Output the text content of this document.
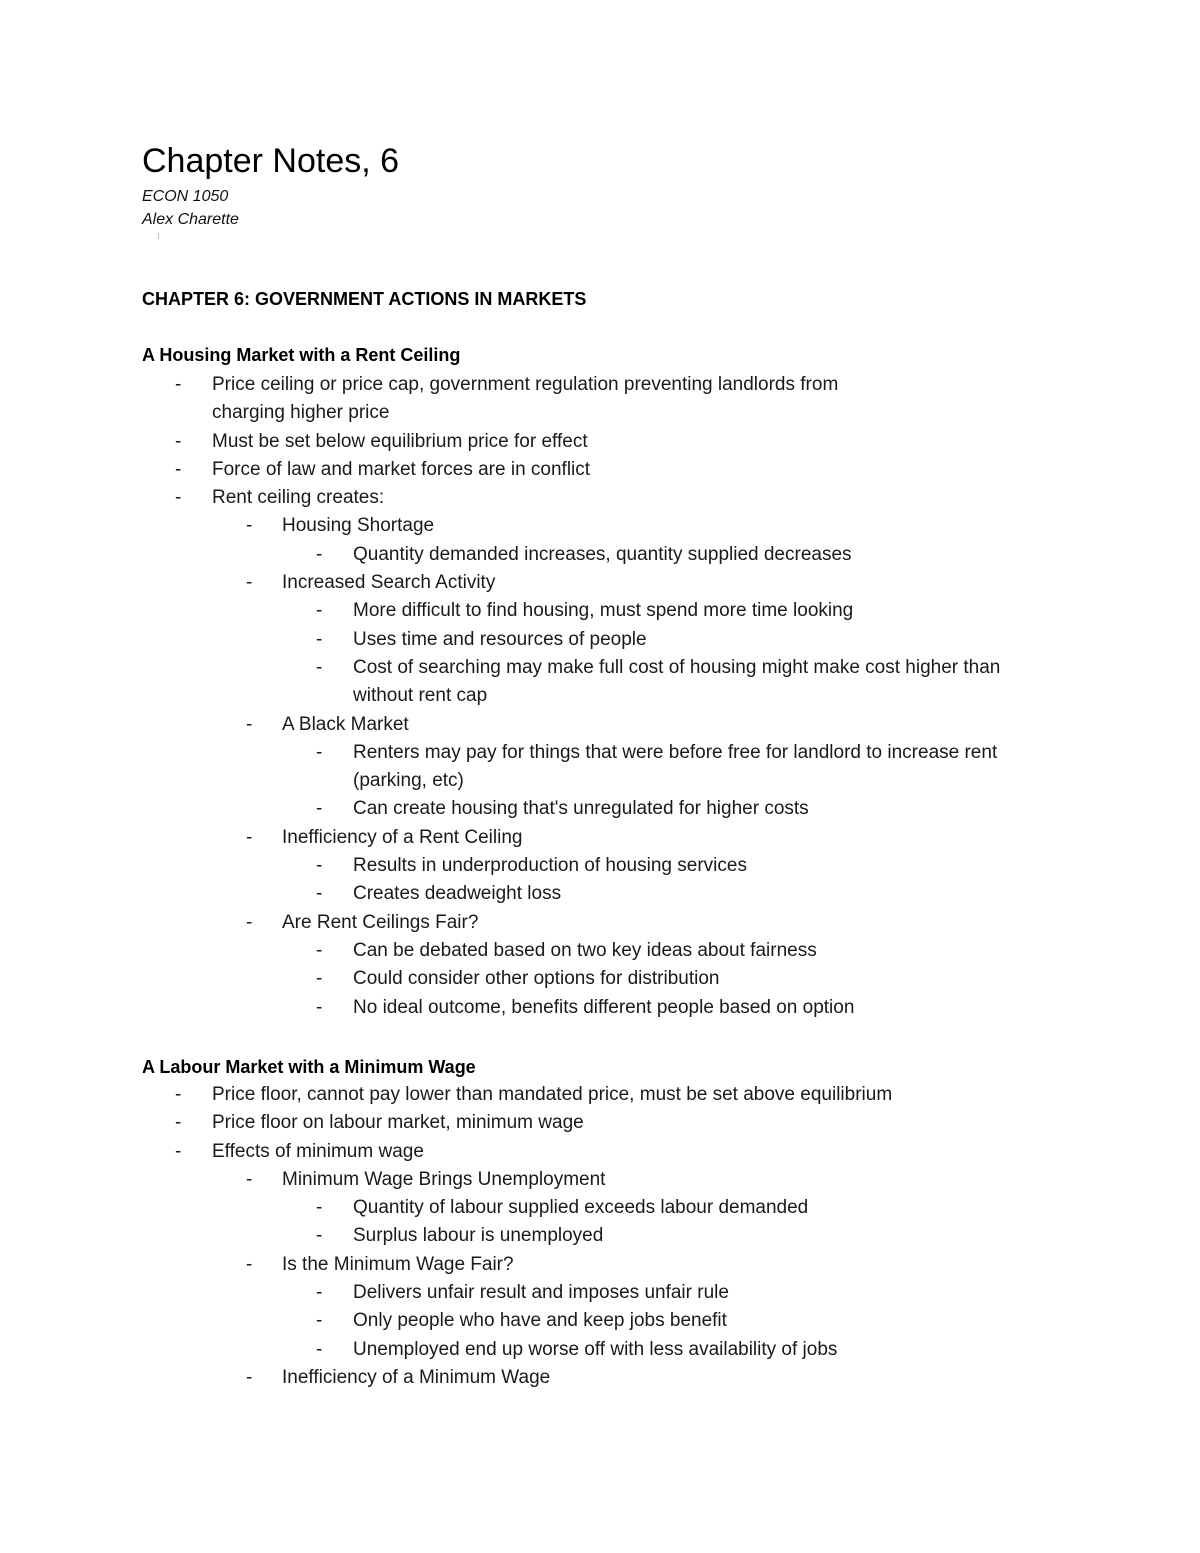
Chapter Notes, 6
ECON 1050
Alex Charette
CHAPTER 6: GOVERNMENT ACTIONS IN MARKETS
A Housing Market with a Rent Ceiling
- Price ceiling or price cap, government regulation preventing landlords from charging higher price
- Must be set below equilibrium price for effect
- Force of law and market forces are in conflict
- Rent ceiling creates:
- Housing Shortage
- Quantity demanded increases, quantity supplied decreases
- Increased Search Activity
- More difficult to find housing, must spend more time looking
- Uses time and resources of people
- Cost of searching may make full cost of housing might make cost higher than without rent cap
- A Black Market
- Renters may pay for things that were before free for landlord to increase rent (parking, etc)
- Can create housing that's unregulated for higher costs
- Inefficiency of a Rent Ceiling
- Results in underproduction of housing services
- Creates deadweight loss
- Are Rent Ceilings Fair?
- Can be debated based on two key ideas about fairness
- Could consider other options for distribution
- No ideal outcome, benefits different people based on option
A Labour Market with a Minimum Wage
- Price floor, cannot pay lower than mandated price, must be set above equilibrium
- Price floor on labour market, minimum wage
- Effects of minimum wage
- Minimum Wage Brings Unemployment
- Quantity of labour supplied exceeds labour demanded
- Surplus labour is unemployed
- Is the Minimum Wage Fair?
- Delivers unfair result and imposes unfair rule
- Only people who have and keep jobs benefit
- Unemployed end up worse off with less availability of jobs
- Inefficiency of a Minimum Wage
